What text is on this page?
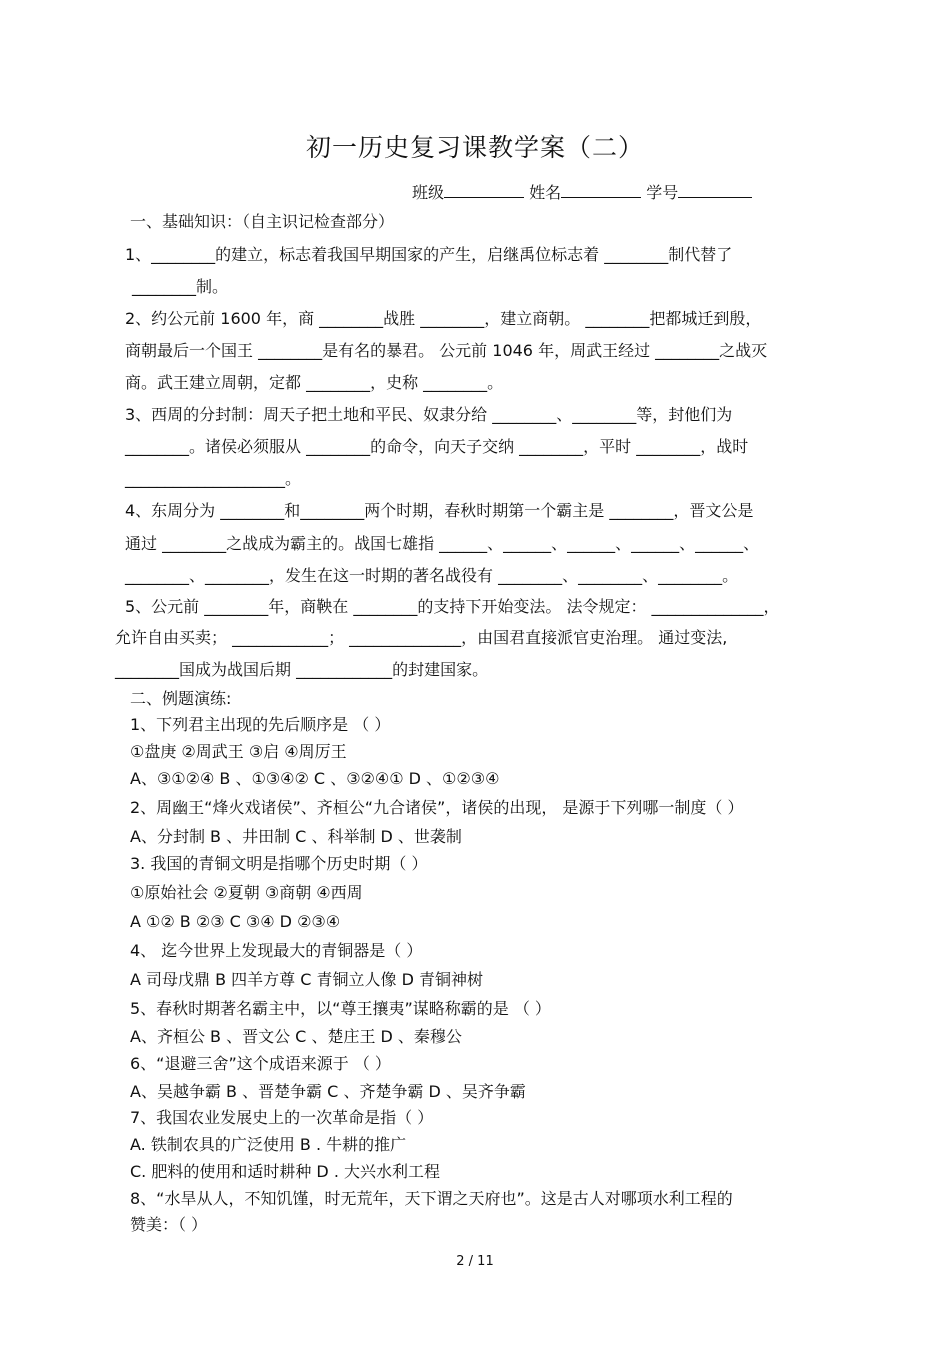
初一历史复习课教学案（二）
班级	姓名	学号
一、基础知识：（自主识记检查部分）
1、________的建立，标志着我国早期国家的产生，启继禹位标志着 ________制代替了
________制。
2、约公元前 1600 年，商 ________战胜 ________，建立商朝。 ________把都城迁到殷，
商朝最后一个国王 ________是有名的暴君。 公元前 1046 年，周武王经过 ________之战灭
商。武王建立周朝，定都 ________，史称 ________。
3、西周的分封制：周天子把土地和平民、奴隶分给 ________、________等，封他们为
________。诸侯必须服从 ________的命令，向天子交纳 ________，平时 ________，战时
____________________。
4、东周分为 ________和________两个时期，春秋时期第一个霸主是 ________，晋文公是
通过 ________之战成为霸主的。战国七雄指 ______、______、______、______、______、
________、________，发生在这一时期的著名战役有 ________、________、________。
5、公元前 ________年，商鞅在 ________的支持下开始变法。 法令规定： ______________，
允许自由买卖； ____________； ______________，由国君直接派官吏治理。 通过变法,
________国成为战国后期 ____________的封建国家。
二、例题演练:
1、下列君主出现的先后顺序是 （ ）
①盘庚 ②周武王 ③启 ④周厉王
A、③①②④ B 、①③④② C 、③②④① D 、①②③④
2、周幽王“烽火戏诸侯”、齐桓公“九合诸侯”，诸侯的出现， 是源于下列哪一制度（ ）
A、分封制 B 、井田制 C 、科举制 D 、世袭制
3. 我国的青铜文明是指哪个历史时期（ ）
①原始社会 ②夏朝 ③商朝 ④西周
A ①② B ②③ C ③④ D ②③④
4、 迄今世界上发现最大的青铜器是（ ）
A 司母戊鼎 B 四羊方尊 C 青铜立人像 D 青铜神树
5、春秋时期著名霸主中，以“尊王攘夷”谋略称霸的是 （ ）
A、齐桓公 B 、晋文公 C 、楚庄王 D 、秦穆公
6、“退避三舍”这个成语来源于 （ ）
A、吴越争霸 B 、晋楚争霸 C 、齐楚争霸 D 、吴齐争霸
7、我国农业发展史上的一次革命是指（ ）
A. 铁制农具的广泛使用 B . 牛耕的推广
C. 肥料的使用和适时耕种 D . 大兴水利工程
8、“水旱从人，不知饥馑，时无荒年，天下谓之天府也”。这是古人对哪项水利工程的
赞美：（ ）
2 / 11
